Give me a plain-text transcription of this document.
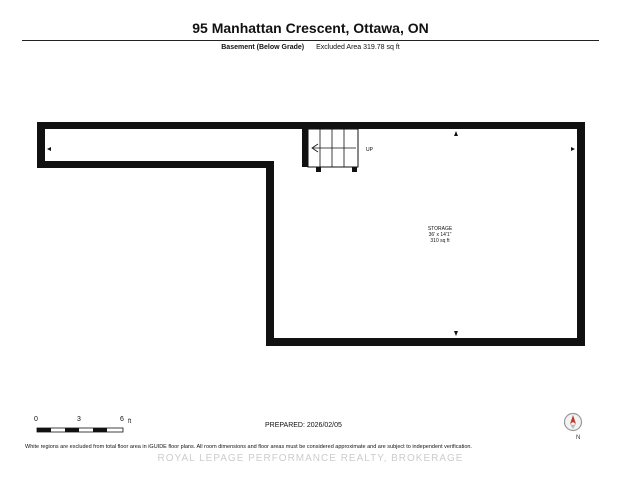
95 Manhattan Crescent, Ottawa, ON
Basement (Below Grade) Excluded Area 319.78 sq ft
UP
STORAGE
36' x 14'1"
310 sq ft
0	3	6 ft	PREPARED: 2026/02/05
N
White regions are excluded from total floor area in iGUIDE floor plans. All room dimensions and floor areas must be considered approximate and are subject to independent verification.
ROYAL LEPAGE PERFORMANCE REALTY, BROKERAGE
